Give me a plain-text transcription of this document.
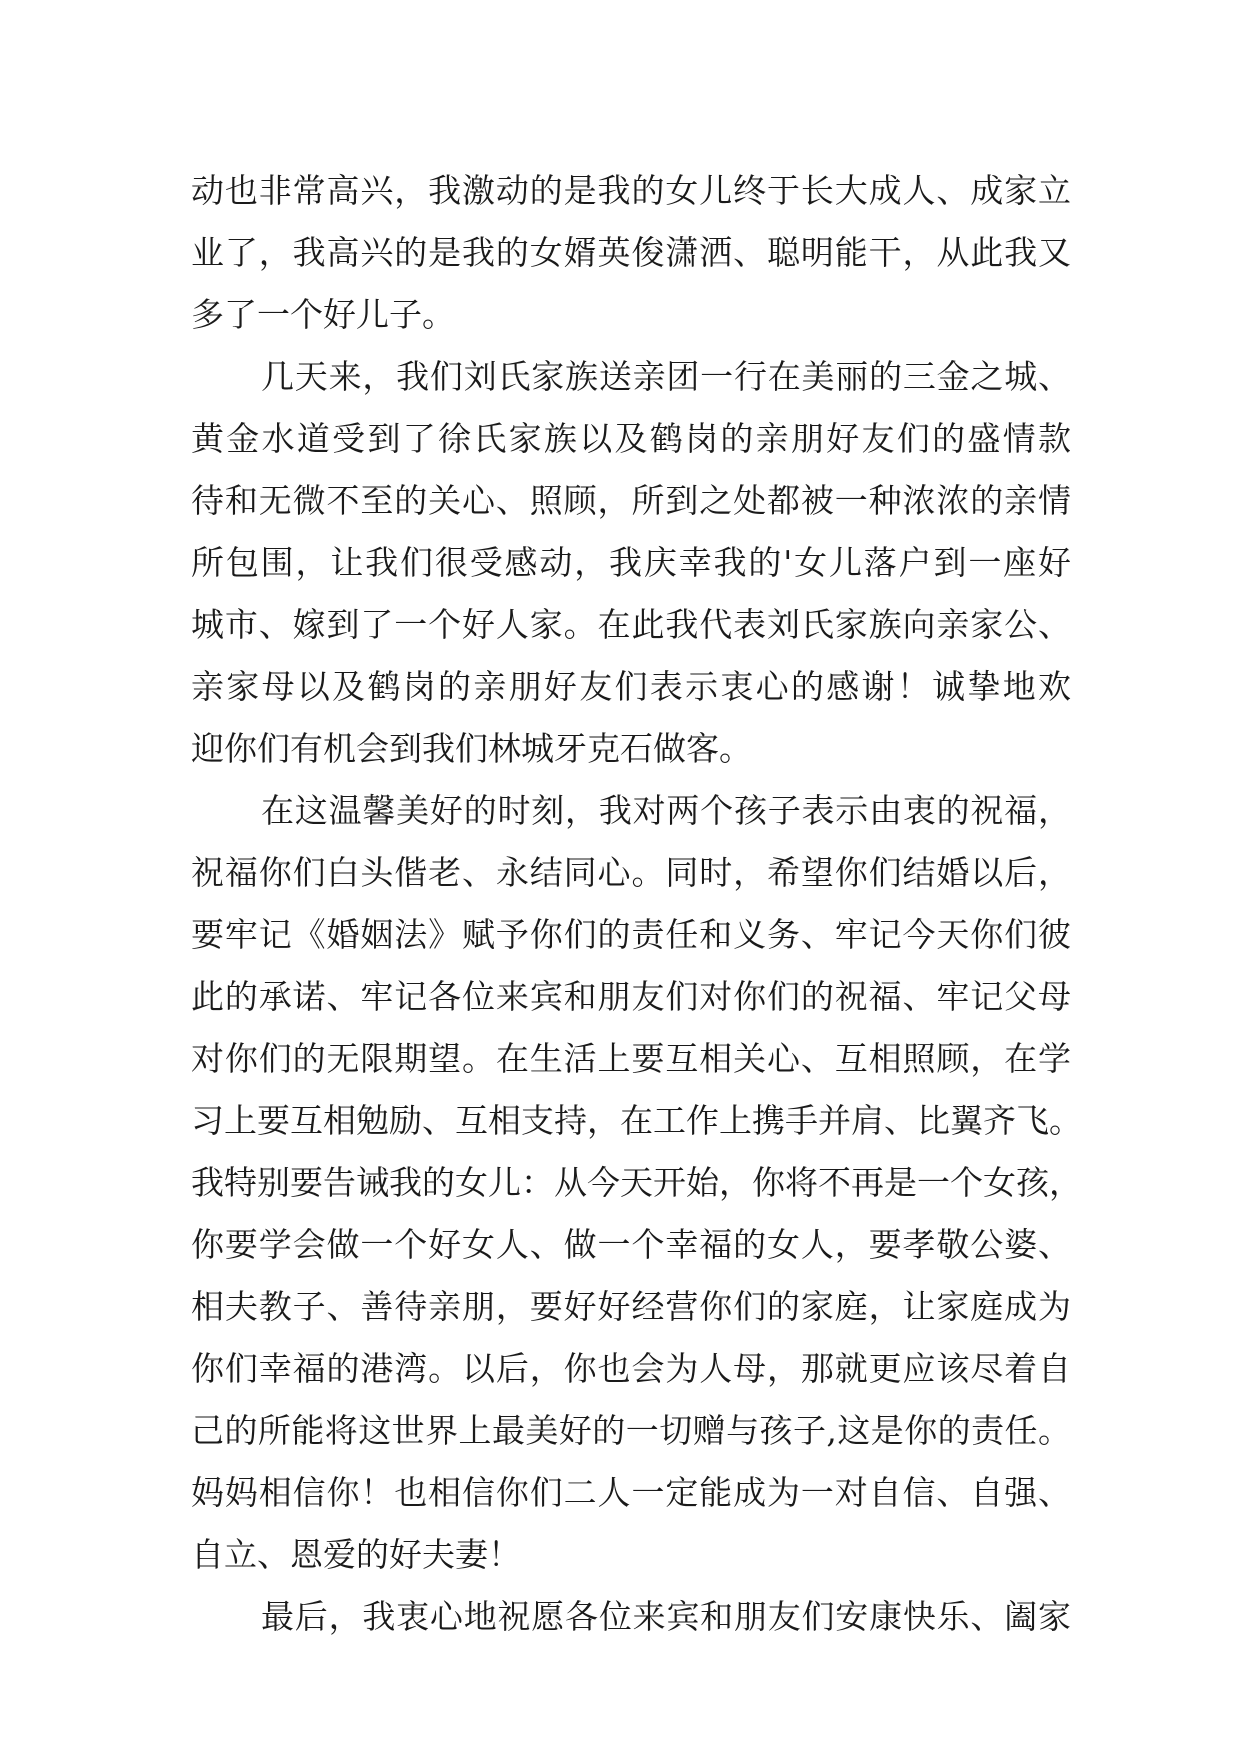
动也非常高兴，我激动的是我的女儿终于长大成人、成家立
业了，我高兴的是我的女婿英俊潇洒、聪明能干，从此我又
多了一个好儿子。
几天来，我们刘氏家族送亲团一行在美丽的三金之城、
黄金水道受到了徐氏家族以及鹤岗的亲朋好友们的盛情款
待和无微不至的关心、照顾，所到之处都被一种浓浓的亲情
所包围，让我们很受感动，我庆幸我的'女儿落户到一座好
城市、嫁到了一个好人家。在此我代表刘氏家族向亲家公、
亲家母以及鹤岗的亲朋好友们表示衷心的感谢！诚挚地欢
迎你们有机会到我们林城牙克石做客。
在这温馨美好的时刻，我对两个孩子表示由衷的祝福，
祝福你们白头偕老、永结同心。同时，希望你们结婚以后，
要牢记《婚姻法》赋予你们的责任和义务、牢记今天你们彼
此的承诺、牢记各位来宾和朋友们对你们的祝福、牢记父母
对你们的无限期望。在生活上要互相关心、互相照顾，在学
习上要互相勉励、互相支持，在工作上携手并肩、比翼齐飞。
我特别要告诫我的女儿：从今天开始，你将不再是一个女孩，
你要学会做一个好女人、做一个幸福的女人，要孝敬公婆、
相夫教子、善待亲朋，要好好经营你们的家庭，让家庭成为
你们幸福的港湾。以后，你也会为人母，那就更应该尽着自
己的所能将这世界上最美好的一切赠与孩子,这是你的责任。
妈妈相信你！也相信你们二人一定能成为一对自信、自强、
自立、恩爱的好夫妻！
最后，我衷心地祝愿各位来宾和朋友们安康快乐、阖家
